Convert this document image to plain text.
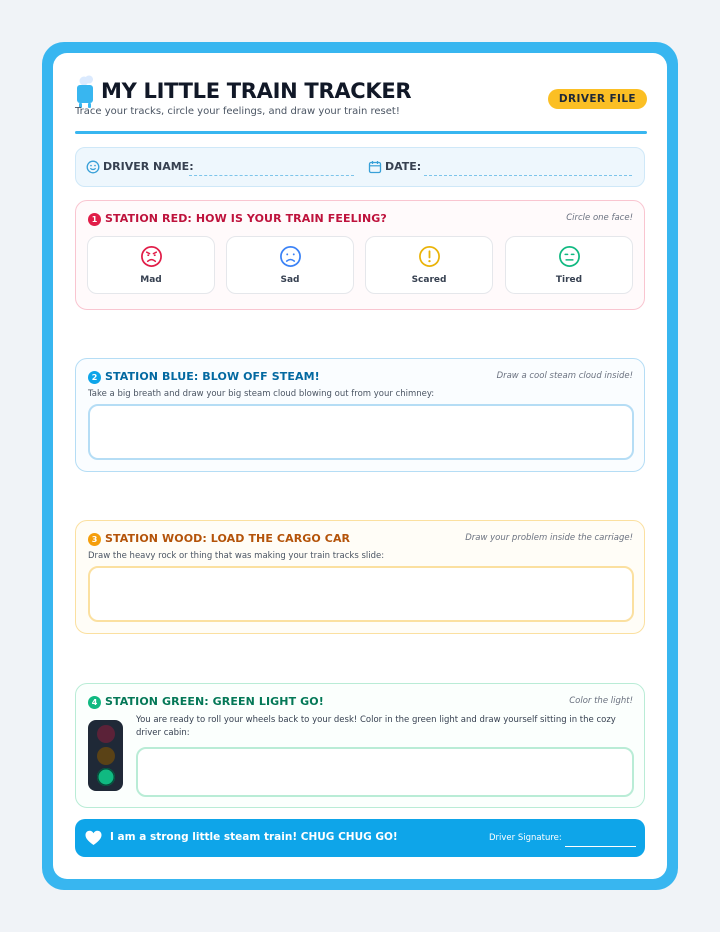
MY LITTLE TRAIN TRACKER
Trace your tracks, circle your feelings, and draw your train reset!
DRIVER FILE
DRIVER NAME:	DATE:
1 STATION RED: HOW IS YOUR TRAIN FEELING?	Circle one face!
Mad	Sad	Scared	Tired
2 STATION BLUE: BLOW OFF STEAM!	Draw a cool steam cloud inside!
Take a big breath and draw your big steam cloud blowing out from your chimney:
3 STATION WOOD: LOAD THE CARGO CAR	Draw your problem inside the carriage!
Draw the heavy rock or thing that was making your train tracks slide:
4 STATION GREEN: GREEN LIGHT GO!	Color the light!
You are ready to roll your wheels back to your desk! Color in the green light and draw yourself sitting in the cozy driver cabin:
I am a strong little steam train! CHUG CHUG GO!	Driver Signature:
